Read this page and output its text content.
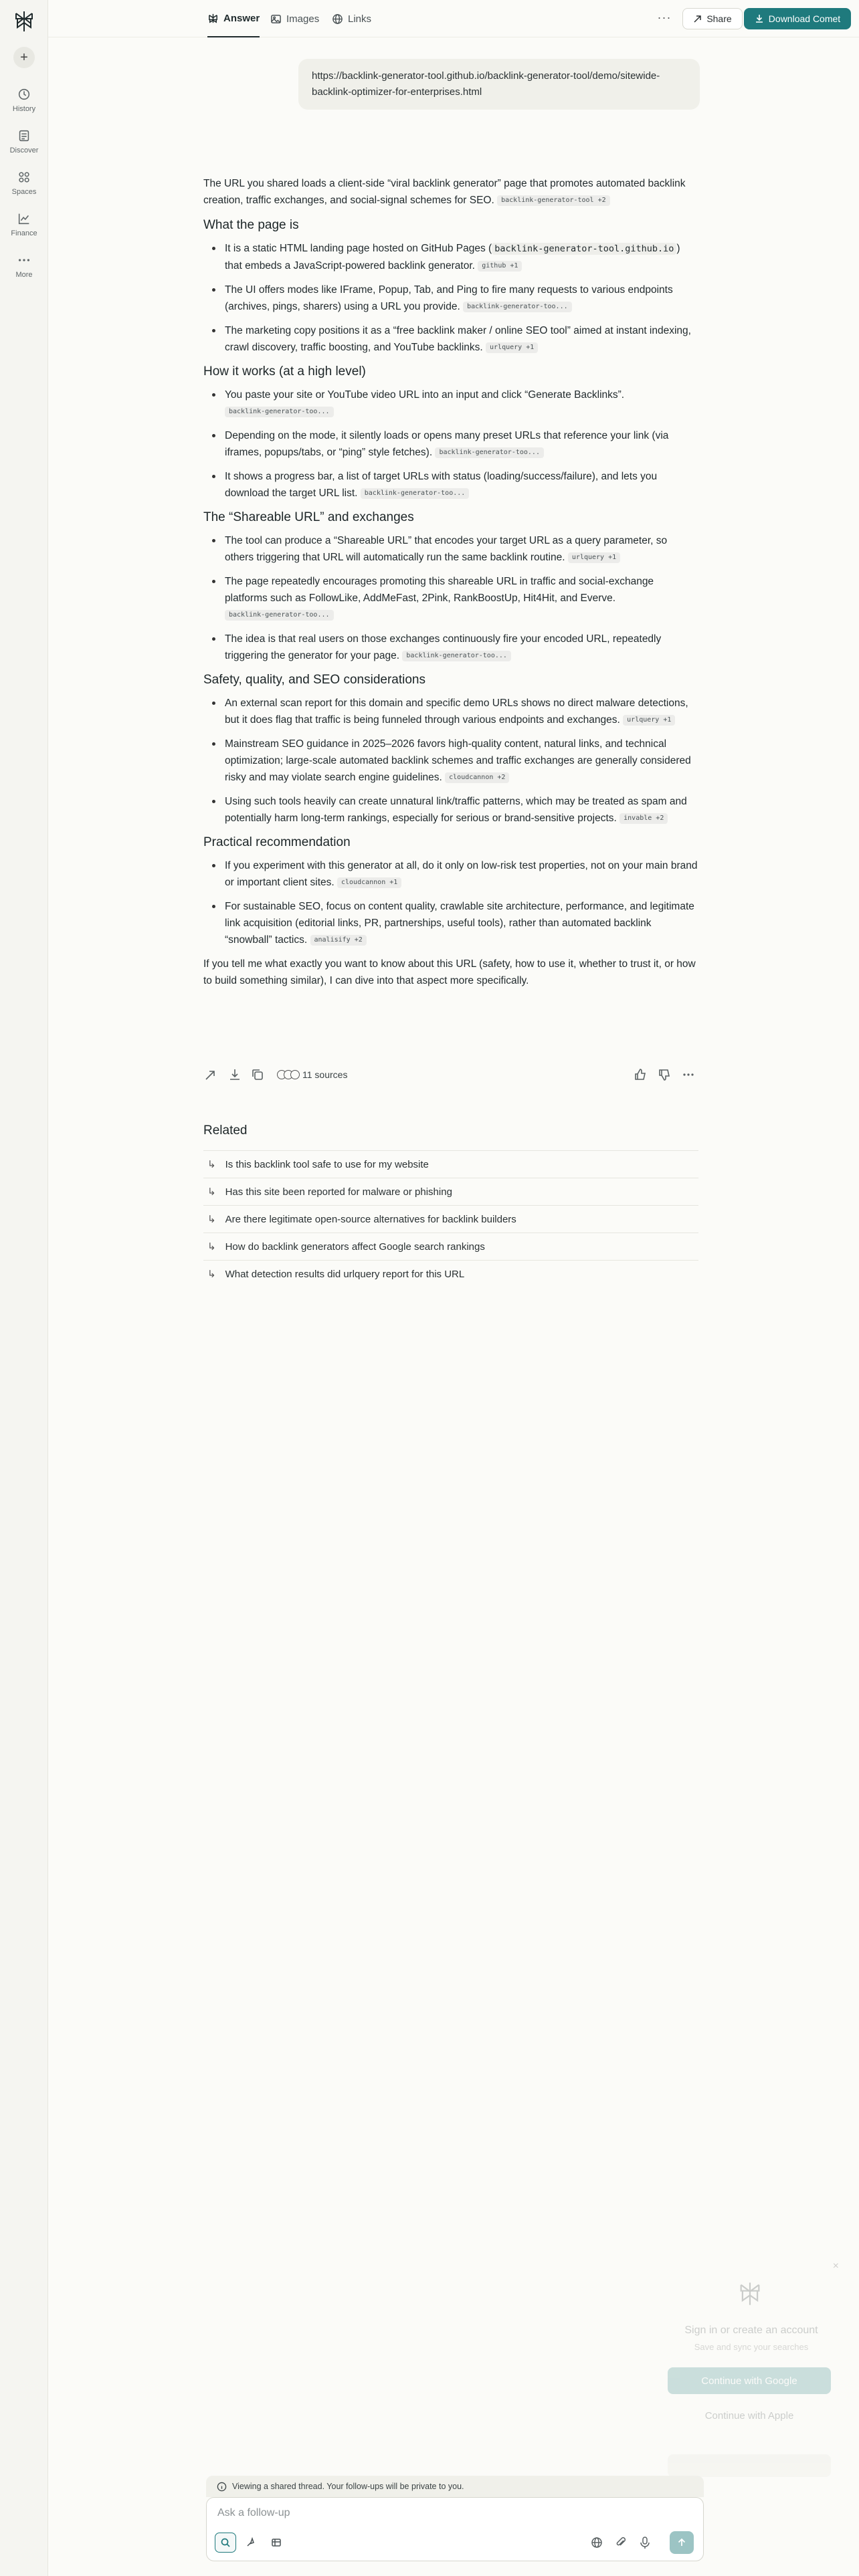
+
History
Discover
Spaces
Finance
More
Answer	Images	Links	···	Share	Download Comet
https://backlink-generator-tool.github.io/backlink-generator-tool/demo/sitewide-backlink-optimizer-for-enterprises.html

The URL you shared loads a client-side “viral backlink generator” page that promotes automated backlink creation, traffic exchanges, and social-signal schemes for SEO. backlink-generator-tool +2

What the page is
It is a static HTML landing page hosted on GitHub Pages ( backlink-generator-tool.github.io ) that embeds a JavaScript-powered backlink generator. github +1
The UI offers modes like IFrame, Popup, Tab, and Ping to fire many requests to various endpoints (archives, pings, sharers) using a URL you provide. backlink-generator-too...
The marketing copy positions it as a “free backlink maker / online SEO tool” aimed at instant indexing, crawl discovery, traffic boosting, and YouTube backlinks. urlquery +1
How it works (at a high level)
You paste your site or YouTube video URL into an input and click “Generate Backlinks”. backlink-generator-too...
Depending on the mode, it silently loads or opens many preset URLs that reference your link (via iframes, popups/tabs, or “ping” style fetches). backlink-generator-too...
It shows a progress bar, a list of target URLs with status (loading/success/failure), and lets you download the target URL list. backlink-generator-too...
The “Shareable URL” and exchanges
The tool can produce a “Shareable URL” that encodes your target URL as a query parameter, so others triggering that URL will automatically run the same backlink routine. urlquery +1
The page repeatedly encourages promoting this shareable URL in traffic and social-exchange platforms such as FollowLike, AddMeFast, 2Pink, RankBoostUp, Hit4Hit, and Everve. backlink-generator-too...
The idea is that real users on those exchanges continuously fire your encoded URL, repeatedly triggering the generator for your page. backlink-generator-too...
Safety, quality, and SEO considerations
An external scan report for this domain and specific demo URLs shows no direct malware detections, but it does flag that traffic is being funneled through various endpoints and exchanges. urlquery +1
Mainstream SEO guidance in 2025–2026 favors high-quality content, natural links, and technical optimization; large-scale automated backlink schemes and traffic exchanges are generally considered risky and may violate search engine guidelines. cloudcannon +2
Using such tools heavily can create unnatural link/traffic patterns, which may be treated as spam and potentially harm long-term rankings, especially for serious or brand-sensitive projects. invable +2
Practical recommendation
If you experiment with this generator at all, do it only on low-risk test properties, not on your main brand or important client sites. cloudcannon +1
For sustainable SEO, focus on content quality, crawlable site architecture, performance, and legitimate link acquisition (editorial links, PR, partnerships, useful tools), rather than automated backlink “snowball” tactics. analisify +2

If you tell me what exactly you want to know about this URL (safety, how to use it, whether to trust it, or how to build something similar), I can dive into that aspect more specifically.

11 sources
Related
↳ Is this backlink tool safe to use for my website
↳ Has this site been reported for malware or phishing
↳ Are there legitimate open-source alternatives for backlink builders
↳ How do backlink generators affect Google search rankings
↳ What detection results did urlquery report for this URL
×
Sign in or create an account
Save and sync your searches
Continue with Google
Continue with Apple
Viewing a shared thread. Your follow-ups will be private to you.
Ask a follow-up
